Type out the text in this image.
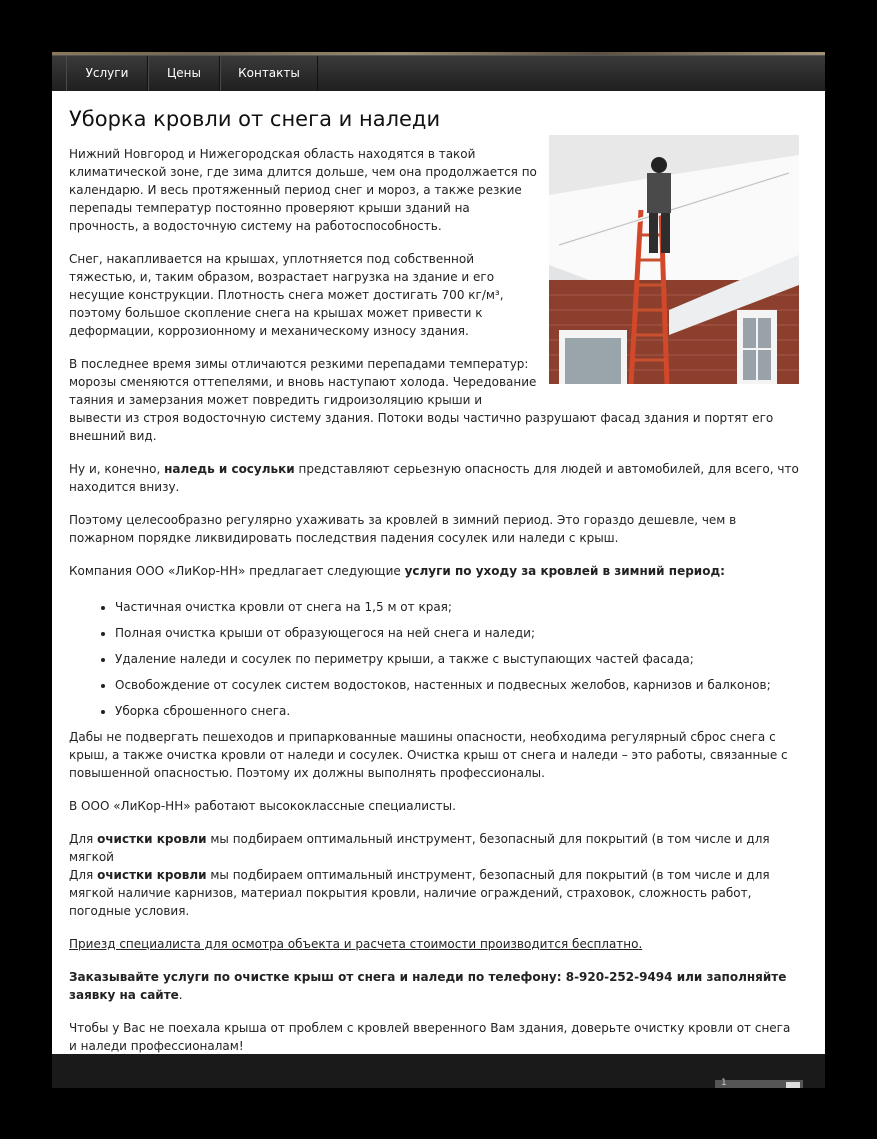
Услуги	Цены	Контакты
Уборка кровли от снега и наледи

Нижний Новгород и Нижегородская область находятся в такой климатической зоне, где зима длится дольше, чем она продолжается по календарю. И весь протяженный период снег и мороз, а также резкие перепады температур постоянно проверяют крыши зданий на прочность, а водосточную систему на работоспособность.

Снег, накапливается на крышах, уплотняется под собственной тяжестью, и, таким образом, возрастает нагрузка на здание и его несущие конструкции. Плотность снега может достигать 700 кг/м³, поэтому большое скопление снега на крышах может привести к деформации, коррозионному и механическому износу здания.

В последнее время зимы отличаются резкими перепадами температур: морозы сменяются оттепелями, и вновь наступают холода. Чередование таяния и замерзания может повредить гидроизоляцию крыши и вывести из строя водосточную систему здания. Потоки воды частично разрушают фасад здания и портят его внешний вид.

Ну и, конечно, наледь и сосульки представляют серьезную опасность для людей и автомобилей, для всего, что находится внизу.

Поэтому целесообразно регулярно ухаживать за кровлей в зимний период. Это гораздо дешевле, чем в пожарном порядке ликвидировать последствия падения сосулек или наледи с крыш.

Компания ООО «ЛиКор-НН» предлагает следующие услуги по уходу за кровлей в зимний период:

• Частичная очистка кровли от снега на 1,5 м от края;
• Полная очистка крыши от образующегося на ней снега и наледи;
• Удаление наледи и сосулек по периметру крыши, а также с выступающих частей фасада;
• Освобождение от сосулек систем водостоков, настенных и подвесных желобов, карнизов и балконов;
• Уборка сброшенного снега.

Дабы не подвергать пешеходов и припаркованные машины опасности, необходима регулярный сброс снега с крыш, а также очистка кровли от наледи и сосулек. Очистка крыш от снега и наледи – это работы, связанные с повышенной опасностью. Поэтому их должны выполнять профессионалы.

В ООО «ЛиКор-НН» работают высококлассные специалисты.

Для очистки кровли мы подбираем оптимальный инструмент, безопасный для покрытий (в том числе и для мягкой

Для очистки кровли мы подбираем оптимальный инструмент, безопасный для покрытий (в том числе и для мягкой наличие карнизов, материал покрытия кровли, наличие ограждений, страховок, сложность работ, погодные условия.

Приезд специалиста для осмотра объекта и расчета стоимости производится бесплатно.

Заказывайте услуги по очистке крыш от снега и наледи по телефону: 8-920-252-9494 или заполняйте заявку на сайте.

Чтобы у Вас не поехала крыша от проблем с кровлей вверенного Вам здания, доверьте очистку кровли от снега и наледи профессионалам!

1
